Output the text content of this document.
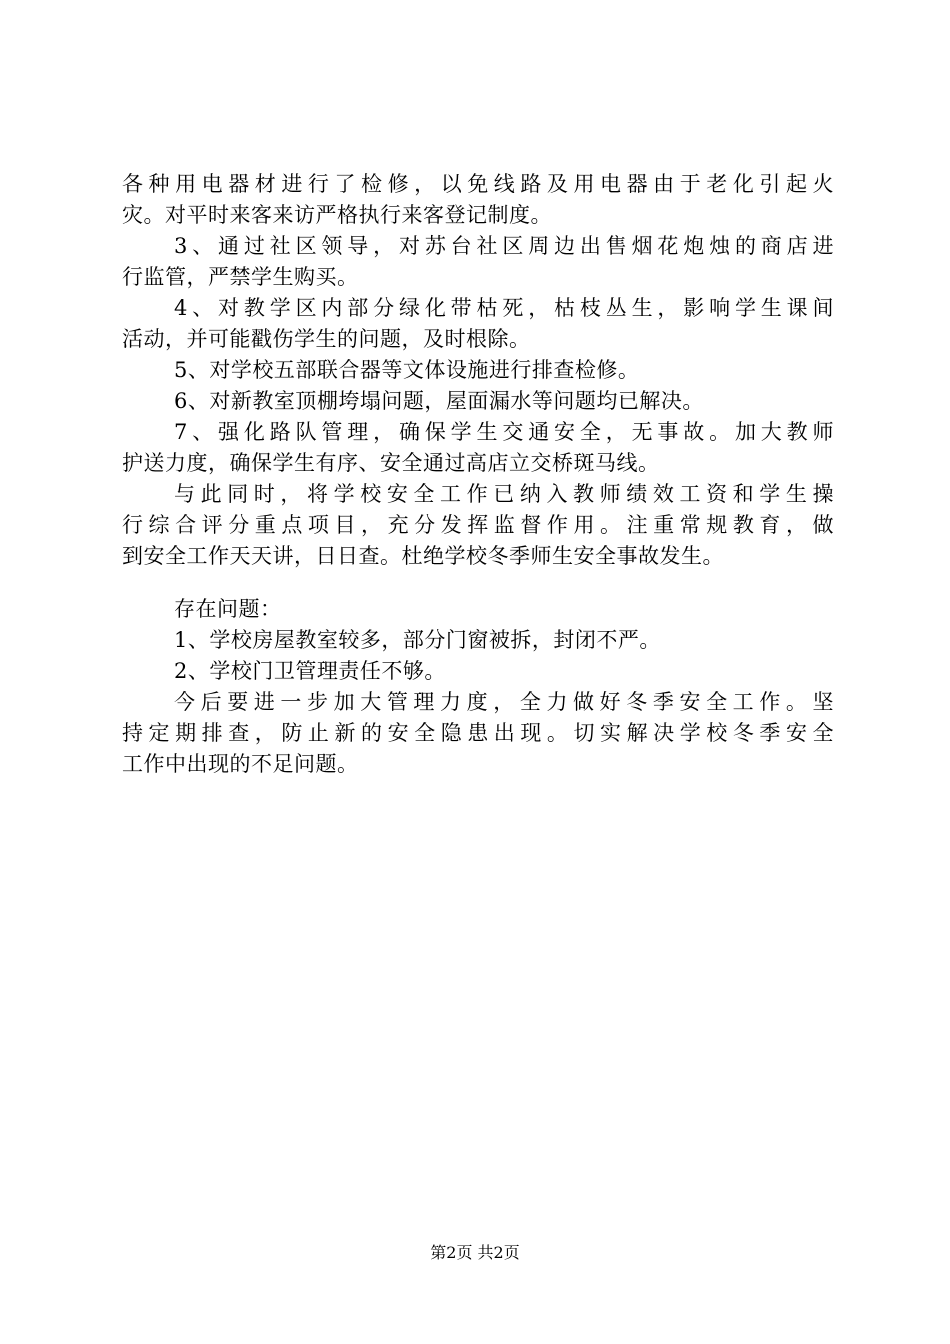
各种用电器材进行了检修，以免线路及用电器由于老化引起火
灾。对平时来客来访严格执行来客登记制度。
3、通过社区领导，对苏台社区周边出售烟花炮烛的商店进
行监管，严禁学生购买。
4、对教学区内部分绿化带枯死，枯枝丛生，影响学生课间
活动，并可能戳伤学生的问题，及时根除。
5、对学校五部联合器等文体设施进行排查检修。
6、对新教室顶棚垮塌问题，屋面漏水等问题均已解决。
7、强化路队管理，确保学生交通安全，无事故。加大教师
护送力度，确保学生有序、安全通过高店立交桥斑马线。
与此同时，将学校安全工作已纳入教师绩效工资和学生操
行综合评分重点项目，充分发挥监督作用。注重常规教育，做
到安全工作天天讲，日日查。杜绝学校冬季师生安全事故发生。
存在问题：
1、学校房屋教室较多，部分门窗被拆，封闭不严。
2、学校门卫管理责任不够。
今后要进一步加大管理力度，全力做好冬季安全工作。坚
持定期排查，防止新的安全隐患出现。切实解决学校冬季安全
工作中出现的不足问题。
第2页 共2页
